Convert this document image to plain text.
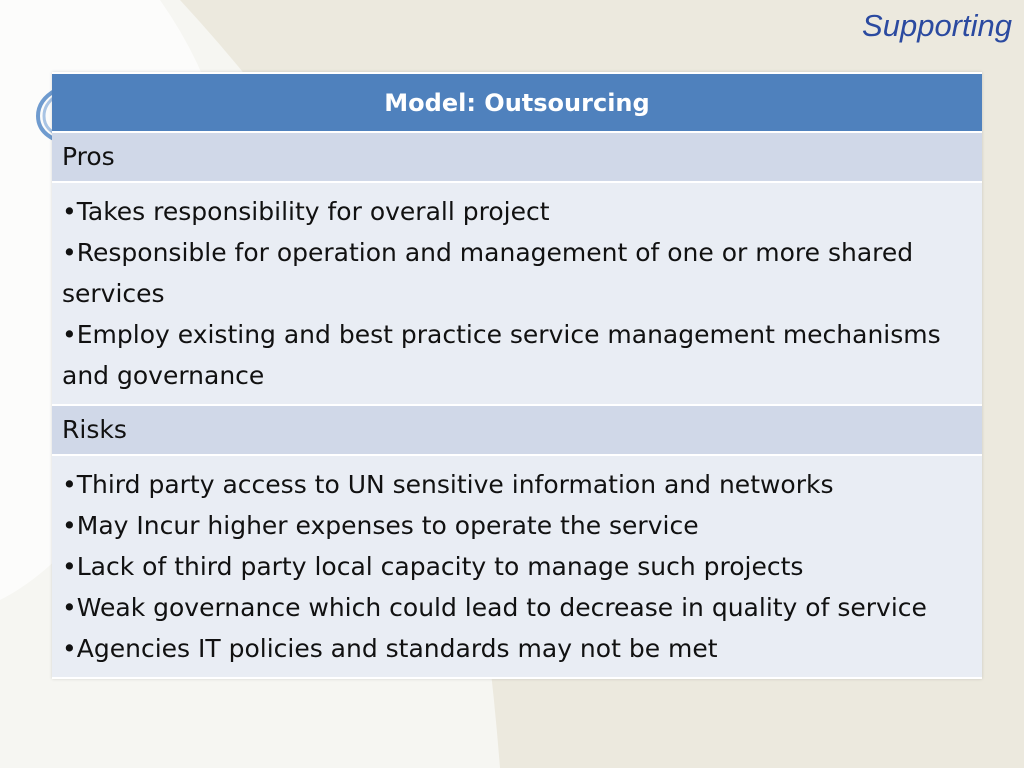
Supporting
Model: Outsourcing
Pros

• Takes responsibility for overall project
• Responsible for operation and management of one or more shared services
• Employ existing and best practice service management mechanisms and governance

Risks

• Third party access to UN sensitive information and networks
• May Incur higher expenses to operate the service
• Lack of third party local capacity to manage such projects
• Weak governance which could lead to decrease in quality of service
• Agencies IT policies and standards may not be met
